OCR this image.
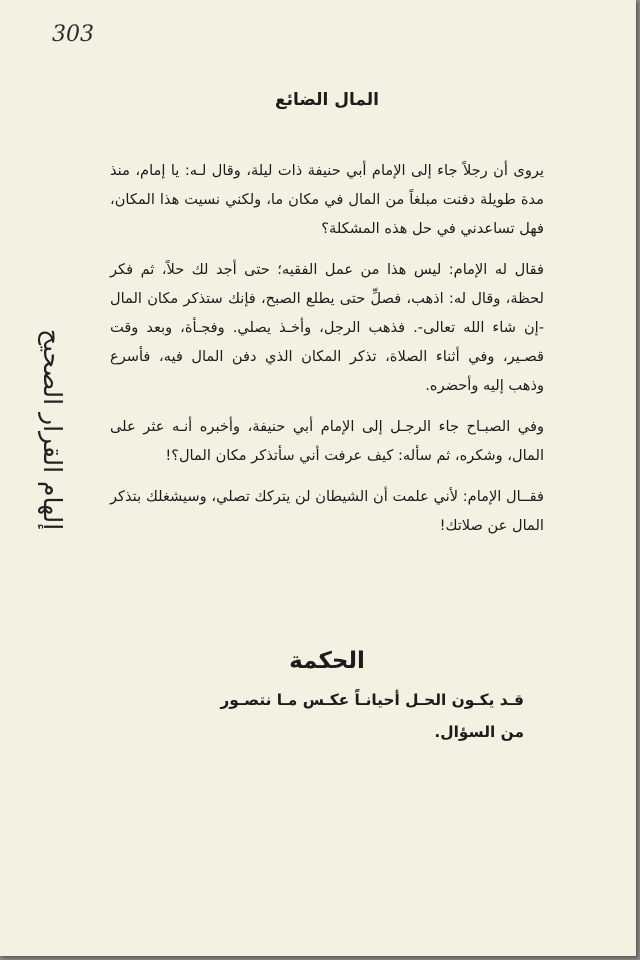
303
إلهام القرار الصحيح
المال الضائع

يروى أن رجلاً جاء إلى الإمام أبي حنيفة ذات ليلة، وقال لـه: يا إمام، منذ مدة طويلة دفنت مبلغاً من المال في مكان ما، ولكني نسيت هذا المكان، فهل تساعدني في حل هذه المشكلة؟

فقال له الإمام: ليس هذا من عمل الفقيه؛ حتى أجد لك حلاً، ثم فكر لحظة، وقال له: اذهب، فصلِّ حتى يطلع الصبح، فإنك ستذكر مكان المال -إن شاء الله تعالى-. فذهب الرجل، وأخـذ يصلي. وفجـأة، وبعد وقت قصـير، وفي أثناء الصلاة، تذكر المكان الذي دفن المال فيه، فأسرع وذهب إليه وأحضره.

وفي الصبـاح جاء الرجـل إلى الإمام أبي حنيفة، وأخبره أنـه عثر على المال، وشكره، ثم سأله: كيف عرفت أني سأتذكر مكان المال؟!

فقــال الإمام: لأني علمت أن الشيطان لن يتركك تصلي، وسيشغلك بتذكر المال عن صلاتك!

الحكمة
قـد يكـون الحـل أحيانـاً عكـس مـا نتصـور من السؤال.
